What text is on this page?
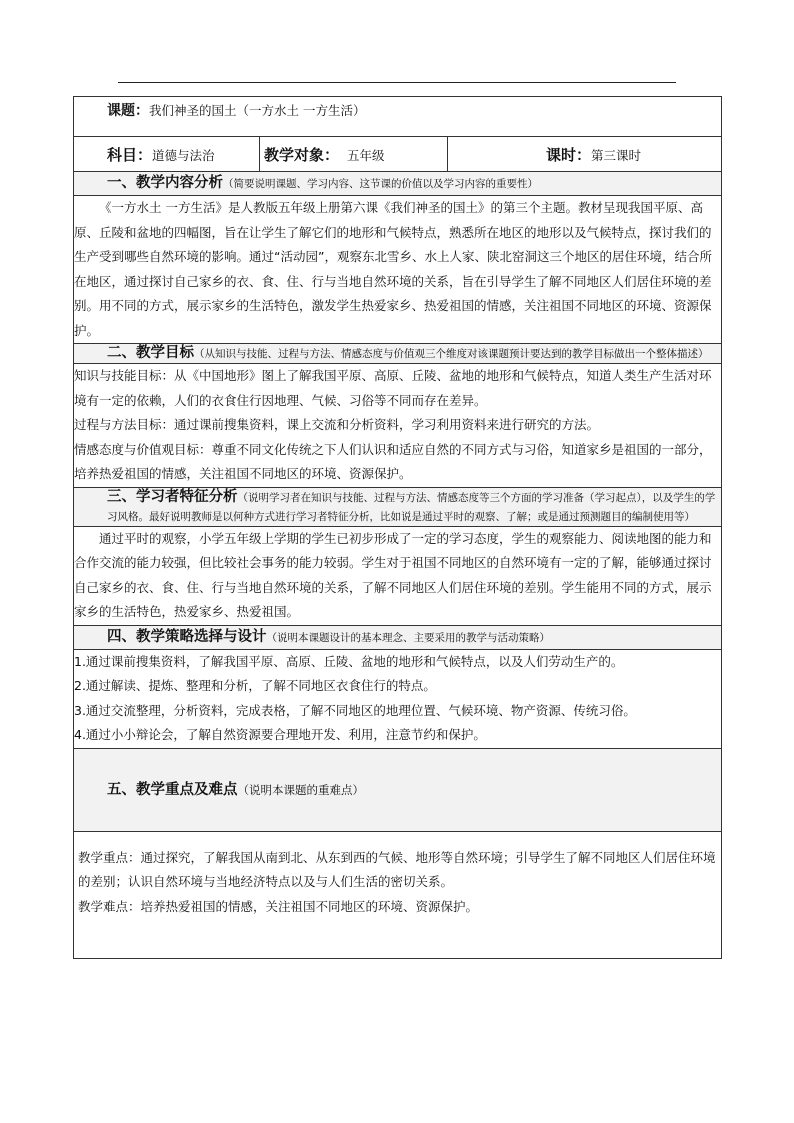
课题：我们神圣的国土（一方水土 一方生活）
科目：道德与法治	教学对象： 五年级	课时：第三课时
一、教学内容分析（简要说明课题、学习内容、这节课的价值以及学习内容的重要性）
《一方水土 一方生活》是人教版五年级上册第六课《我们神圣的国土》的第三个主题。教材呈现我国平原、高原、丘陵和盆地的四幅图，旨在让学生了解它们的地形和气候特点，熟悉所在地区的地形以及气候特点，探讨我们的生产受到哪些自然环境的影响。通过“活动园”，观察东北雪乡、水上人家、陕北窑洞这三个地区的居住环境，结合所在地区，通过探讨自己家乡的衣、食、住、行与当地自然环境的关系，旨在引导学生了解不同地区人们居住环境的差别。用不同的方式，展示家乡的生活特色，激发学生热爱家乡、热爱祖国的情感，关注祖国不同地区的环境、资源保护。
二、教学目标（从知识与技能、过程与方法、情感态度与价值观三个维度对该课题预计要达到的教学目标做出一个整体描述）

知识与技能目标：从《中国地形》图上了解我国平原、高原、丘陵、盆地的地形和气候特点，知道人类生产生活对环境有一定的依赖，人们的衣食住行因地理、气候、习俗等不同而存在差异。
过程与方法目标：通过课前搜集资料，课上交流和分析资料，学习利用资料来进行研究的方法。
情感态度与价值观目标：尊重不同文化传统之下人们认识和适应自然的不同方式与习俗，知道家乡是祖国的一部分，培养热爱祖国的情感，关注祖国不同地区的环境、资源保护。

三、学习者特征分析（说明学习者在知识与技能、过程与方法、情感态度等三个方面的学习准备（学习起点），以及学生的学习风格。最好说明教师是以何种方式进行学习者特征分析，比如说是通过平时的观察、了解；或是通过预测题目的编制使用等）
通过平时的观察，小学五年级上学期的学生已初步形成了一定的学习态度，学生的观察能力、阅读地图的能力和合作交流的能力较强，但比较社会事务的能力较弱。学生对于祖国不同地区的自然环境有一定的了解，能够通过探讨自己家乡的衣、食、住、行与当地自然环境的关系，了解不同地区人们居住环境的差别。学生能用不同的方式，展示家乡的生活特色，热爱家乡、热爱祖国。
四、教学策略选择与设计（说明本课题设计的基本理念、主要采用的教学与活动策略）

1.通过课前搜集资料，了解我国平原、高原、丘陵、盆地的地形和气候特点，以及人们劳动生产的。
2.通过解读、提炼、整理和分析，了解不同地区衣食住行的特点。
3.通过交流整理，分析资料，完成表格，了解不同地区的地理位置、气候环境、物产资源、传统习俗。
4.通过小小辩论会，了解自然资源要合理地开发、利用，注意节约和保护。

五、教学重点及难点（说明本课题的重难点）

教学重点：通过探究，了解我国从南到北、从东到西的气候、地形等自然环境；引导学生了解不同地区人们居住环境的差别；认识自然环境与当地经济特点以及与人们生活的密切关系。
教学难点：培养热爱祖国的情感，关注祖国不同地区的环境、资源保护。
